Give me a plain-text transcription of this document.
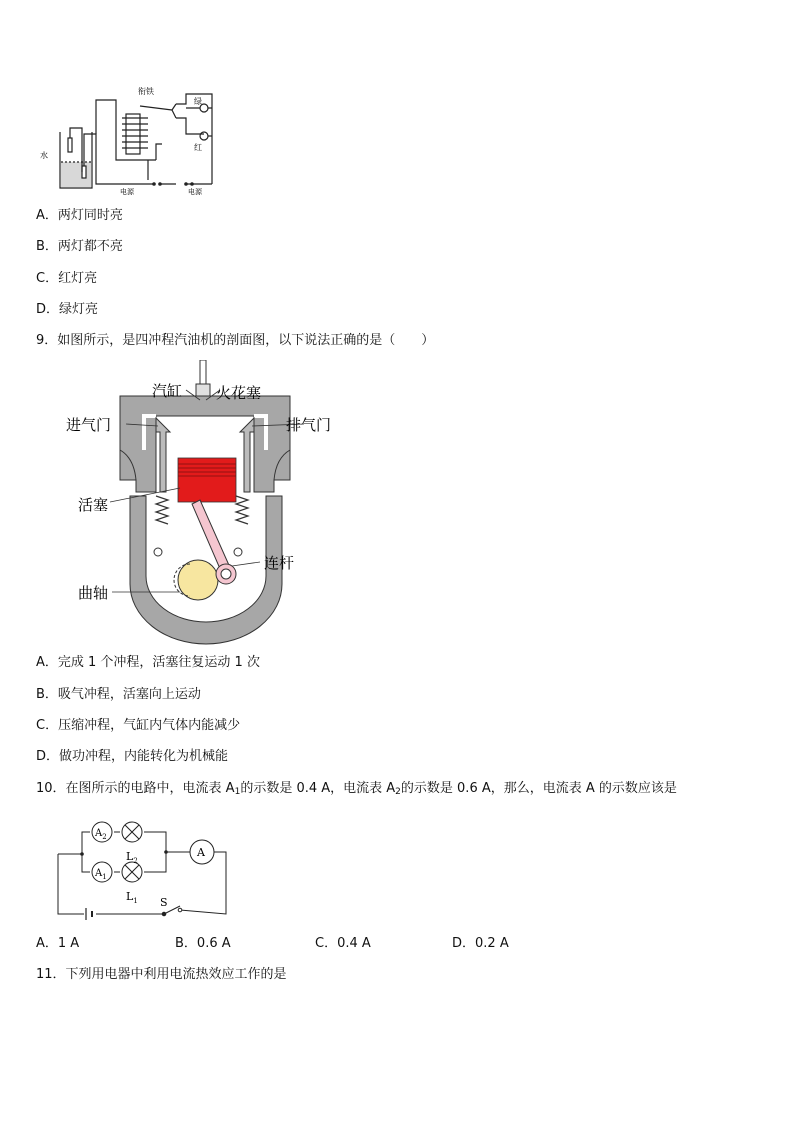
衔铁
绿
红
水
电源	电源
A．两灯同时亮
B．两灯都不亮
C．红灯亮
D．绿灯亮
9．如图所示，是四冲程汽油机的剖面图，以下说法正确的是（　　）
汽缸 火花塞
进气门	排气门
活塞
连杆
曲轴
A．完成 1 个冲程，活塞往复运动 1 次
B．吸气冲程，活塞向上运动
C．压缩冲程，气缸内气体内能减少
D．做功冲程，内能转化为机械能
10．在图所示的电路中，电流表 $A_1$的示数是 0.4 A，电流表 $A_2$的示数是 0.6 A，那么，电流表 A 的示数应该是
$A_2$
$A_1$
A
$L_2$
$L_1$ S
A．1 A	B．0.6 A	C．0.4 A	D．0.2 A
11．下列用电器中利用电流热效应工作的是
